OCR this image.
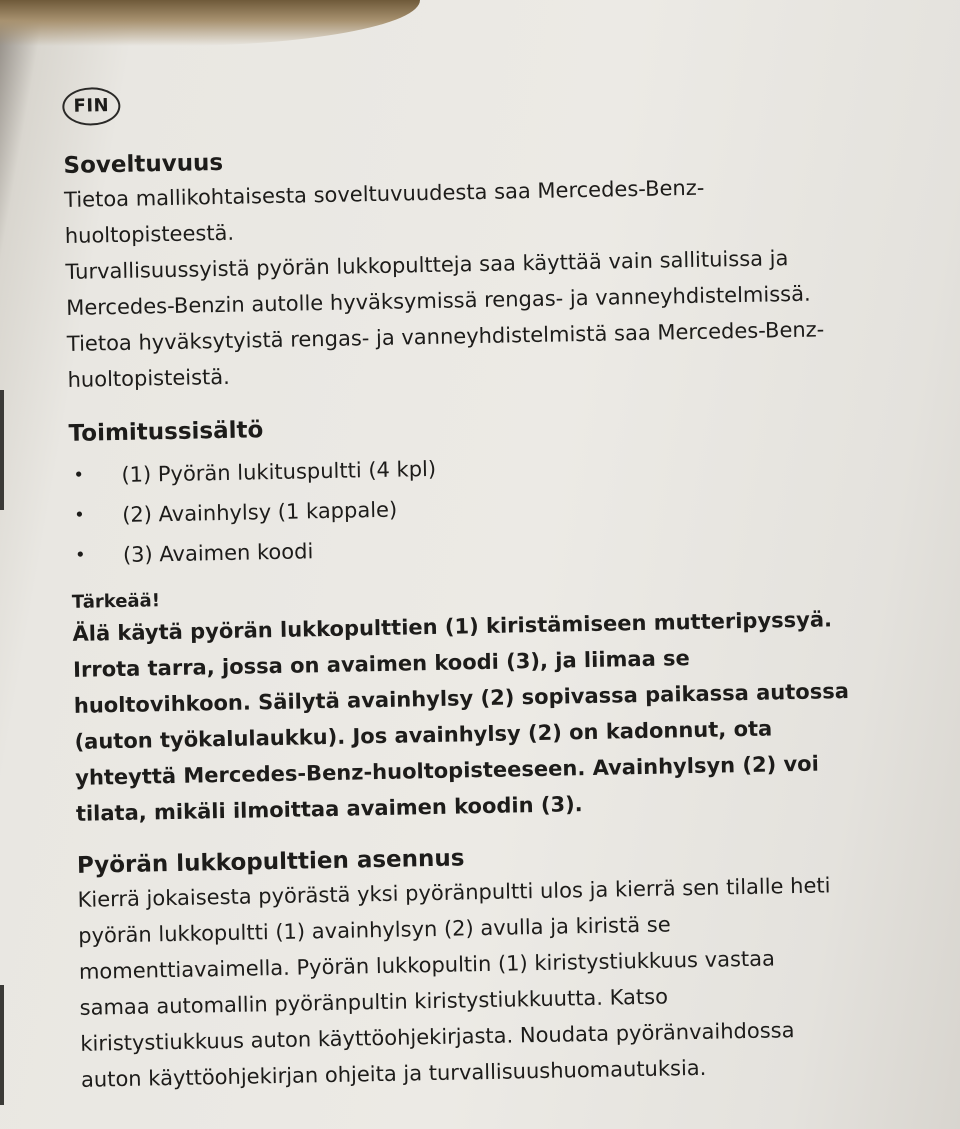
FIN
Soveltuvuus

Tietoa mallikohtaisesta soveltuvuudesta saa Mercedes-Benz-

huoltopisteestä.

Turvallisuussyistä pyörän lukkopultteja saa käyttää vain sallituissa ja

Mercedes-Benzin autolle hyväksymissä rengas- ja vanneyhdistelmissä.

Tietoa hyväksytyistä rengas- ja vanneyhdistelmistä saa Mercedes-Benz-

huoltopisteistä.

Toimitussisältö
• (1) Pyörän lukituspultti (4 kpl)
• (2) Avainhylsy (1 kappale)
• (3) Avaimen koodi
Tärkeää!
Älä käytä pyörän lukkopulttien (1) kiristämiseen mutteripyssyä.
Irrota tarra, jossa on avaimen koodi (3), ja liimaa se
huoltovihkoon. Säilytä avainhylsy (2) sopivassa paikassa autossa
(auton työkalulaukku). Jos avainhylsy (2) on kadonnut, ota
yhteyttä Mercedes-Benz-huoltopisteeseen. Avainhylsyn (2) voi
tilata, mikäli ilmoittaa avaimen koodin (3).
Pyörän lukkopulttien asennus

Kierrä jokaisesta pyörästä yksi pyöränpultti ulos ja kierrä sen tilalle heti

pyörän lukkopultti (1) avainhylsyn (2) avulla ja kiristä se

momenttiavaimella. Pyörän lukkopultin (1) kiristystiukkuus vastaa

samaa automallin pyöränpultin kiristystiukkuutta. Katso

kiristystiukkuus auton käyttöohjekirjasta. Noudata pyöränvaihdossa

auton käyttöohjekirjan ohjeita ja turvallisuushuomautuksia.
